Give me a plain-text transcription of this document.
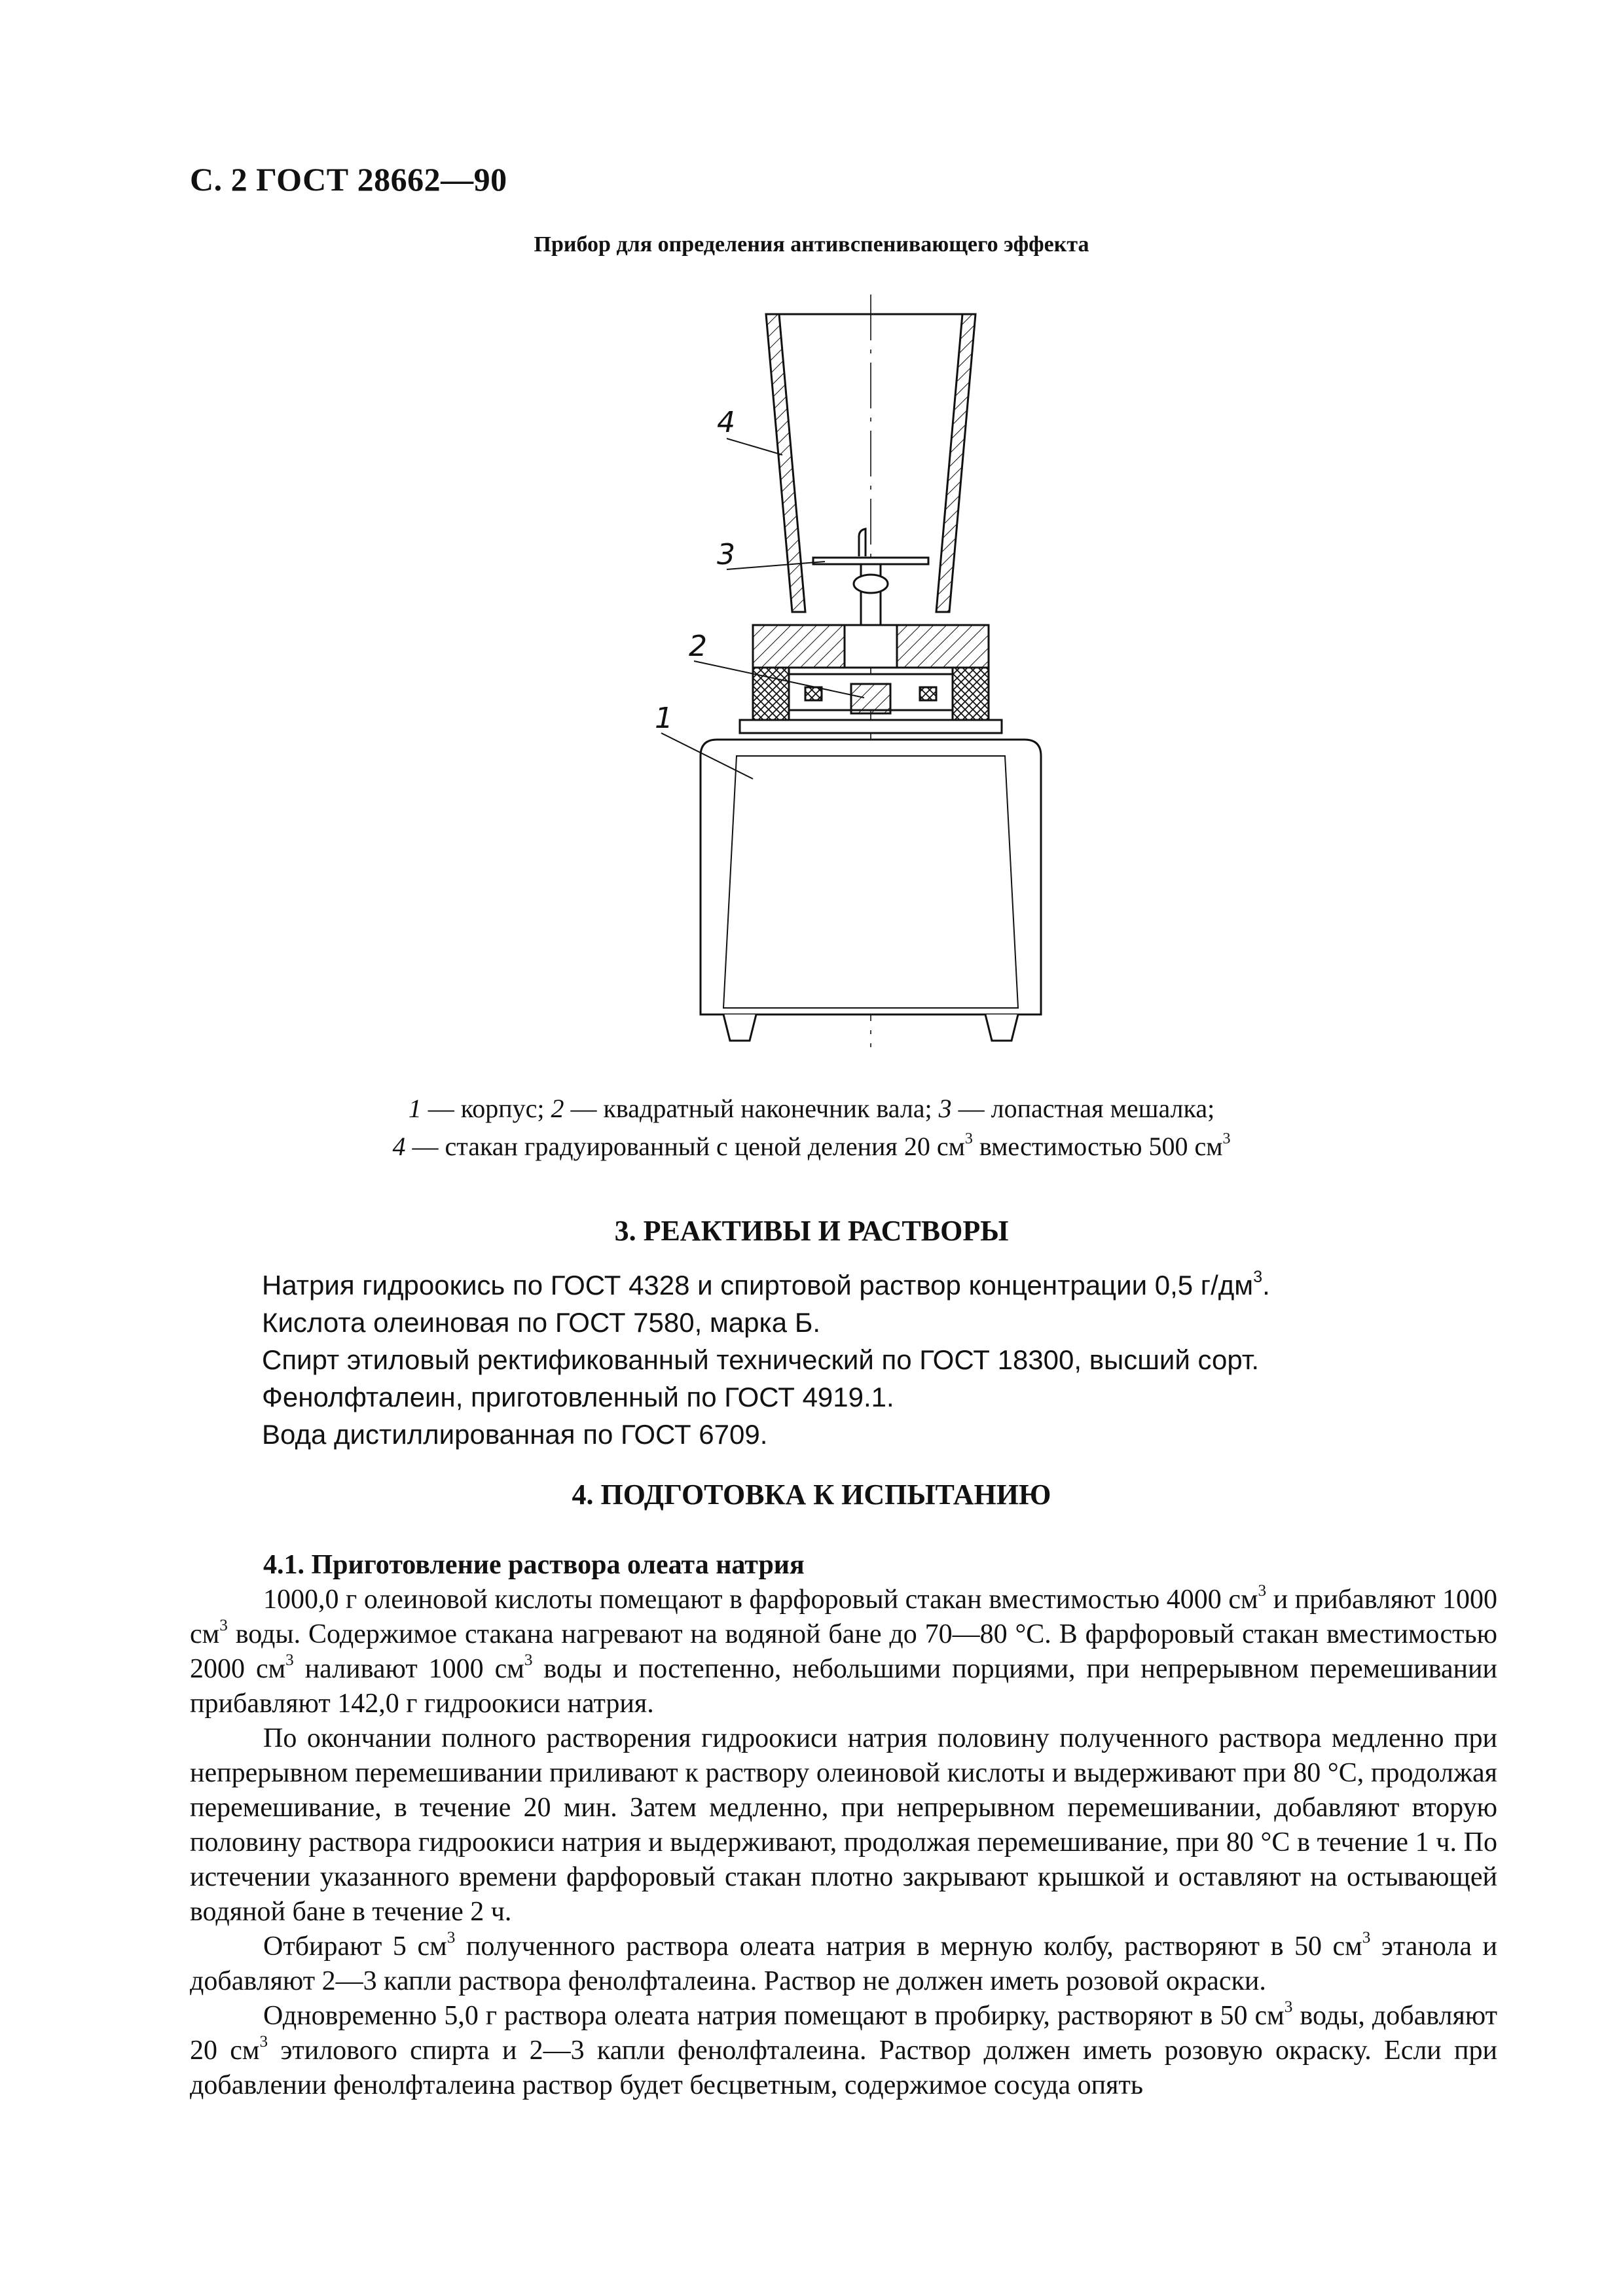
С. 2 ГОСТ 28662—90
Прибор для определения антивспенивающего эффекта
4
3
2
1
1 — корпус; 2 — квадратный наконечник вала; 3 — лопастная мешалка;
4 — стакан градуированный с ценой деления 20 $см^3$ вместимостью 500 $см^3$
3. РЕАКТИВЫ И РАСТВОРЫ
Натрия гидроокись по ГОСТ 4328 и спиртовой раствор концентрации 0,5 $г/дм^3$.
Кислота олеиновая по ГОСТ 7580, марка Б.
Спирт этиловый ректификованный технический по ГОСТ 18300, высший сорт.
Фенолфталеин, приготовленный по ГОСТ 4919.1.
Вода дистиллированная по ГОСТ 6709.
4. ПОДГОТОВКА К ИСПЫТАНИЮ

4.1. Приготовление раствора олеата натрия

1000,0 г олеиновой кислоты помещают в фарфоровый стакан вместимостью 4000 $см^3$ и прибавляют 1000 $см^3$ воды. Содержимое стакана нагревают на водяной бане до 70—80 °С. В фарфоровый стакан вместимостью 2000 $см^3$ наливают 1000 $см^3$ воды и постепенно, небольшими порциями, при непрерывном перемешивании прибавляют 142,0 г гидроокиси натрия.

По окончании полного растворения гидроокиси натрия половину полученного раствора медленно при непрерывном перемешивании приливают к раствору олеиновой кислоты и выдерживают при 80 °С, продолжая перемешивание, в течение 20 мин. Затем медленно, при непрерывном перемешивании, добавляют вторую половину раствора гидроокиси натрия и выдерживают, продолжая перемешивание, при 80 °С в течение 1 ч. По истечении указанного времени фарфоровый стакан плотно закрывают крышкой и оставляют на остывающей водяной бане в течение 2 ч.

Отбирают 5 $см^3$ полученного раствора олеата натрия в мерную колбу, растворяют в 50 $см^3$ этанола и добавляют 2—3 капли раствора фенолфталеина. Раствор не должен иметь розовой окраски.

Одновременно 5,0 г раствора олеата натрия помещают в пробирку, растворяют в 50 $см^3$ воды, добавляют 20 $см^3$ этилового спирта и 2—3 капли фенолфталеина. Раствор должен иметь розовую окраску. Если при добавлении фенолфталеина раствор будет бесцветным, содержимое сосуда опять
